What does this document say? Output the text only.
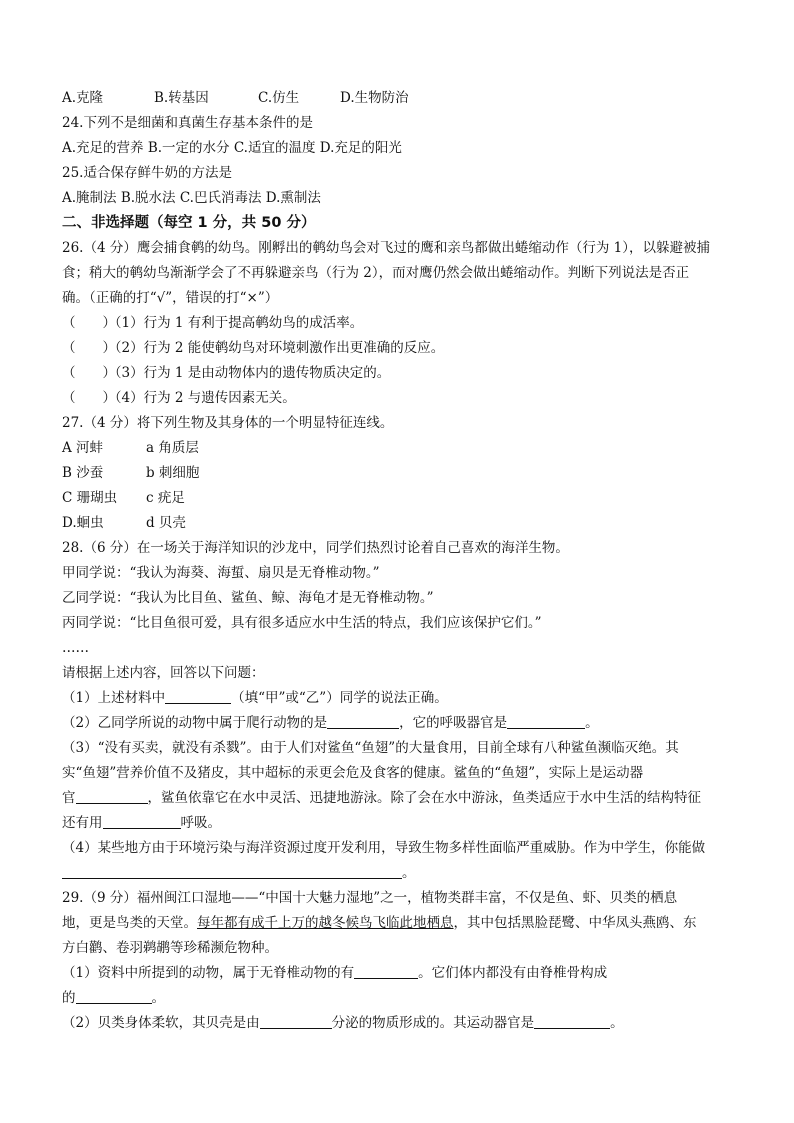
A.克隆	B.转基因	C.仿生	D.生物防治
24.下列不是细菌和真菌生存基本条件的是
A.充足的营养 B.一定的水分 C.适宜的温度 D.充足的阳光
25.适合保存鲜牛奶的方法是
A.腌制法 B.脱水法 C.巴氏消毒法 D.熏制法
二、非选择题（每空 1 分，共 50 分）
26.（4 分）鹰会捕食鹌的幼鸟。刚孵出的鹌幼鸟会对飞过的鹰和亲鸟都做出蜷缩动作（行为 1），以躲避被捕
食；稍大的鹌幼鸟渐渐学会了不再躲避亲鸟（行为 2），而对鹰仍然会做出蜷缩动作。判断下列说法是否正
确。（正确的打“√”，错误的打“×”）
（　　）（1）行为 1 有利于提高鹌幼鸟的成活率。
（　　）（2）行为 2 能使鹌幼鸟对环境刺激作出更准确的反应。
（　　）（3）行为 1 是由动物体内的遗传物质决定的。
（　　）（4）行为 2 与遗传因素无关。
27.（4 分）将下列生物及其身体的一个明显特征连线。
A 河蚌	a 角质层
B 沙蚕	b 刺细胞
C 珊瑚虫 c 疣足
D.蛔虫	d 贝壳
28.（6 分）在一场关于海洋知识的沙龙中，同学们热烈讨论着自己喜欢的海洋生物。
甲同学说：“我认为海葵、海蜇、扇贝是无脊椎动物。”
乙同学说：“我认为比目鱼、鲨鱼、鲸、海龟才是无脊椎动物。”
丙同学说：“比目鱼很可爱，具有很多适应水中生活的特点，我们应该保护它们。”
……
请根据上述内容，回答以下问题：
（1）上述材料中	（填“甲”或“乙”）同学的说法正确。
（2）乙同学所说的动物中属于爬行动物的是	，它的呼吸器官是	。
（3）“没有买卖，就没有杀戮”。由于人们对鲨鱼“鱼翅”的大量食用，目前全球有八种鲨鱼濒临灭绝。其
实“鱼翅”营养价值不及猪皮，其中超标的汞更会危及食客的健康。鲨鱼的“鱼翅”，实际上是运动器
官	，鲨鱼依靠它在水中灵活、迅捷地游泳。除了会在水中游泳，鱼类适应于水中生活的结构特征
还有用	呼吸。
（4）某些地方由于环境污染与海洋资源过度开发利用，导致生物多样性面临严重威胁。作为中学生，你能做
。
29.（9 分）福州闽江口湿地——“中国十大魅力湿地”之一，植物类群丰富，不仅是鱼、虾、贝类的栖息
地，更是鸟类的天堂。每年都有成千上万的越冬候鸟飞临此地栖息，其中包括黑脸琵鹭、中华凤头燕鸥、东
方白鹳、卷羽鹈鹕等珍稀濒危物种。
（1）资料中所提到的动物，属于无脊椎动物的有	。它们体内都没有由脊椎骨构成
的	。
（2）贝类身体柔软，其贝壳是由	分泌的物质形成的。其运动器官是	。
